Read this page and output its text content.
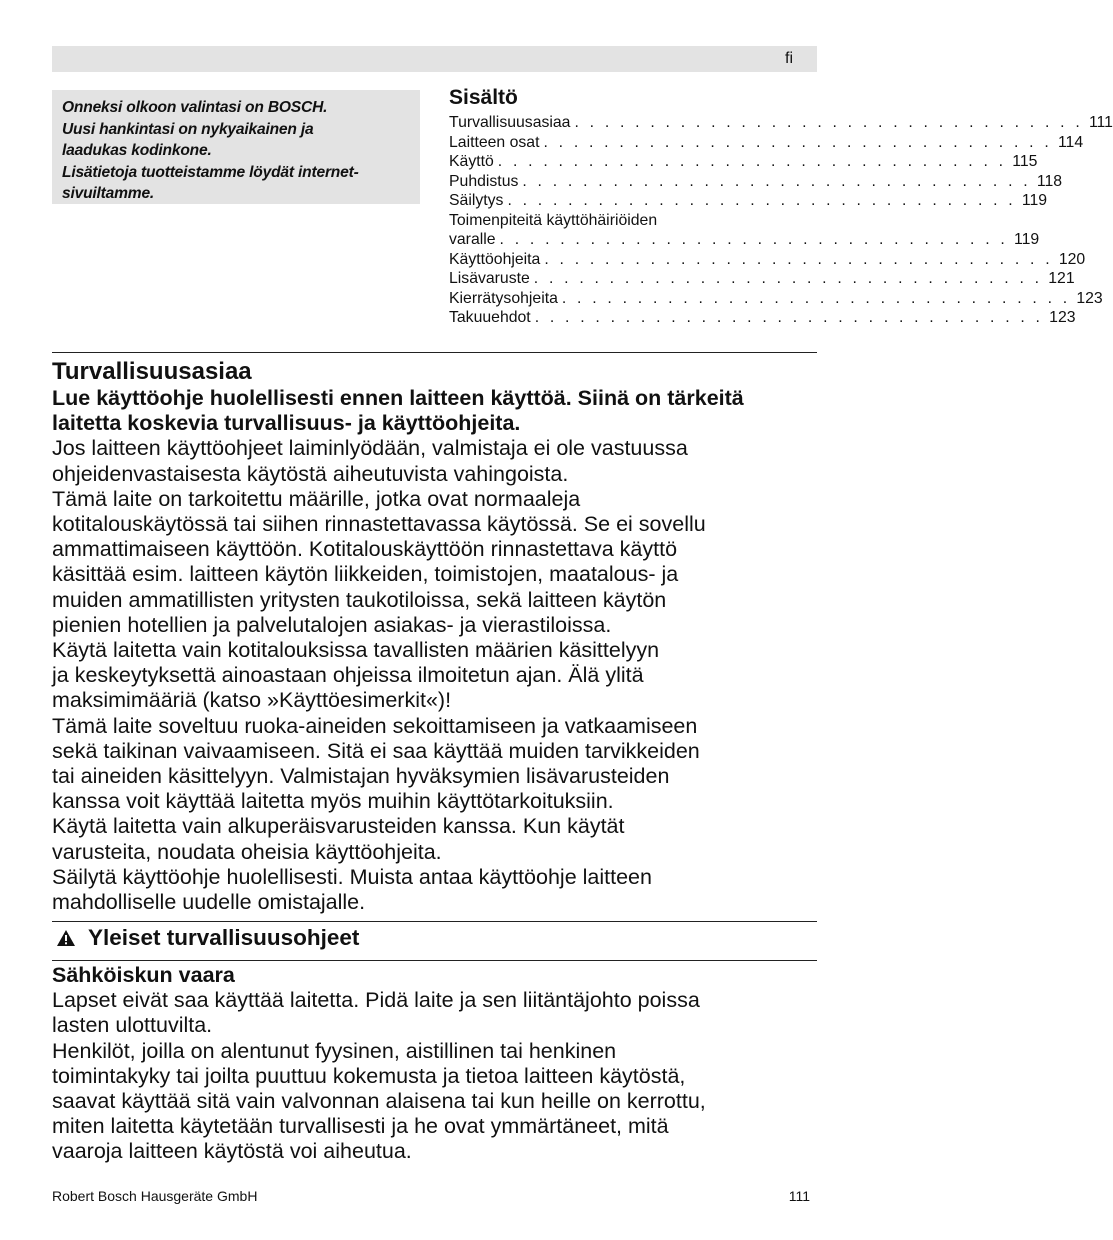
fi
Onneksi olkoon valintasi on BOSCH.
Uusi hankintasi on nykyaikainen ja
laadukas kodinkone.
Lisätietoja tuotteistamme löydät internet-
sivuiltamme.
Sisältö
Turvallisuusasiaa . . . . . . . . . . . . . . . . . . . . . . . . . . . . . . . . . . 111
Laitteen osat . . . . . . . . . . . . . . . . . . . . . . . . . . . . . . . . . . 114
Käyttö . . . . . . . . . . . . . . . . . . . . . . . . . . . . . . . . . . 115
Puhdistus . . . . . . . . . . . . . . . . . . . . . . . . . . . . . . . . . . 118
Säilytys . . . . . . . . . . . . . . . . . . . . . . . . . . . . . . . . . . 119
Toimenpiteitä käyttöhäiriöiden
varalle . . . . . . . . . . . . . . . . . . . . . . . . . . . . . . . . . . 119
Käyttöohjeita . . . . . . . . . . . . . . . . . . . . . . . . . . . . . . . . . . 120
Lisävaruste . . . . . . . . . . . . . . . . . . . . . . . . . . . . . . . . . . 121
Kierrätysohjeita . . . . . . . . . . . . . . . . . . . . . . . . . . . . . . . . . . 123
Takuuehdot . . . . . . . . . . . . . . . . . . . . . . . . . . . . . . . . . . 123
Turvallisuusasiaa
Lue käyttöohje huolellisesti ennen laitteen käyttöä. Siinä on tärkeitä
laitetta koskevia turvallisuus- ja käyttöohjeita.
Jos laitteen käyttöohjeet laiminlyödään, valmistaja ei ole vastuussa
ohjeidenvastaisesta käytöstä aiheutuvista vahingoista.
Tämä laite on tarkoitettu määrille, jotka ovat normaaleja
kotitalouskäytössä tai siihen rinnastettavassa käytössä. Se ei sovellu
ammattimaiseen käyttöön. Kotitalouskäyttöön rinnastettava käyttö
käsittää esim. laitteen käytön liikkeiden, toimistojen, maatalous- ja
muiden ammatillisten yritysten taukotiloissa, sekä laitteen käytön
pienien hotellien ja palvelutalojen asiakas- ja vierastiloissa.
Käytä laitetta vain kotitalouksissa tavallisten määrien käsittelyyn
ja keskeytyksettä ainoastaan ohjeissa ilmoitetun ajan. Älä ylitä
maksimimääriä (katso »Käyttöesimerkit«)!
Tämä laite soveltuu ruoka-aineiden sekoittamiseen ja vatkaamiseen
sekä taikinan vaivaamiseen. Sitä ei saa käyttää muiden tarvikkeiden
tai aineiden käsittelyyn. Valmistajan hyväksymien lisävarusteiden
kanssa voit käyttää laitetta myös muihin käyttötarkoituksiin.
Käytä laitetta vain alkuperäisvarusteiden kanssa. Kun käytät
varusteita, noudata oheisia käyttöohjeita.
Säilytä käyttöohje huolellisesti. Muista antaa käyttöohje laitteen
mahdolliselle uudelle omistajalle.
Yleiset turvallisuusohjeet
Sähköiskun vaara
Lapset eivät saa käyttää laitetta. Pidä laite ja sen liitäntäjohto poissa
lasten ulottuvilta.
Henkilöt, joilla on alentunut fyysinen, aistillinen tai henkinen
toimintakyky tai joilta puuttuu kokemusta ja tietoa laitteen käytöstä,
saavat käyttää sitä vain valvonnan alaisena tai kun heille on kerrottu,
miten laitetta käytetään turvallisesti ja he ovat ymmärtäneet, mitä
vaaroja laitteen käytöstä voi aiheutua.
Robert Bosch Hausgeräte GmbH	111
